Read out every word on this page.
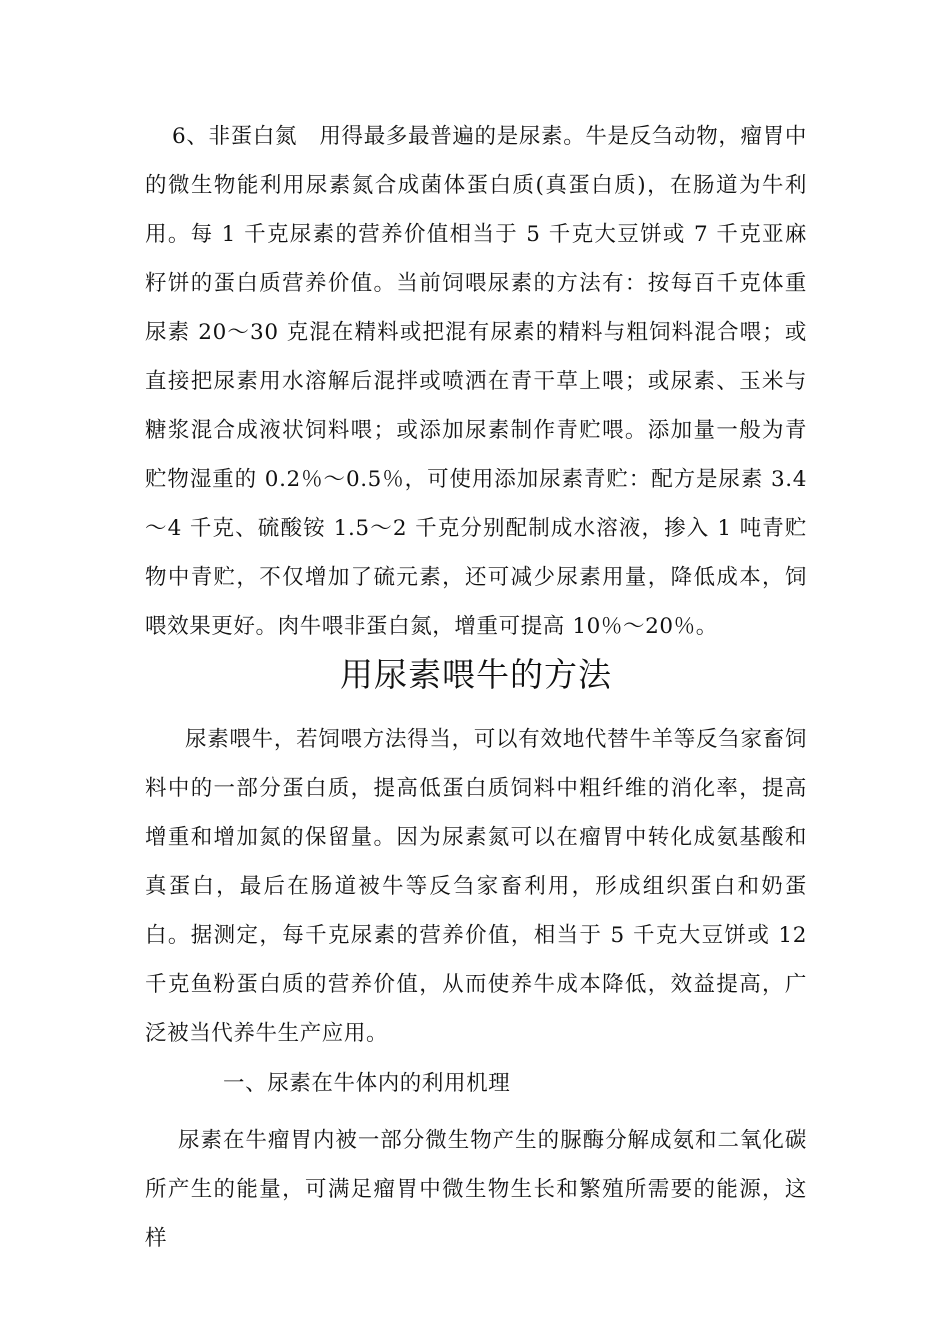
6、非蛋白氮　用得最多最普遍的是尿素。牛是反刍动物，瘤胃中的微生物能利用尿素氮合成菌体蛋白质(真蛋白质)，在肠道为牛利用。每 1 千克尿素的营养价值相当于 5 千克大豆饼或 7 千克亚麻籽饼的蛋白质营养价值。当前饲喂尿素的方法有：按每百千克体重尿素 20～30 克混在精料或把混有尿素的精料与粗饲料混合喂；或直接把尿素用水溶解后混拌或喷洒在青干草上喂；或尿素、玉米与糖浆混合成液状饲料喂；或添加尿素制作青贮喂。添加量一般为青贮物湿重的 0.2％～0.5％，可使用添加尿素青贮：配方是尿素 3.4～4 千克、硫酸铵 1.5～2 千克分别配制成水溶液，掺入 1 吨青贮物中青贮，不仅增加了硫元素，还可减少尿素用量，降低成本，饲喂效果更好。肉牛喂非蛋白氮，增重可提高 10％～20％。

用尿素喂牛的方法

尿素喂牛，若饲喂方法得当，可以有效地代替牛羊等反刍家畜饲料中的一部分蛋白质，提高低蛋白质饲料中粗纤维的消化率，提高增重和增加氮的保留量。因为尿素氮可以在瘤胃中转化成氨基酸和真蛋白，最后在肠道被牛等反刍家畜利用，形成组织蛋白和奶蛋白。据测定，每千克尿素的营养价值，相当于 5 千克大豆饼或 12 千克鱼粉蛋白质的营养价值，从而使养牛成本降低，效益提高，广泛被当代养牛生产应用。

一、尿素在牛体内的利用机理

尿素在牛瘤胃内被一部分微生物产生的脲酶分解成氨和二氧化碳所产生的能量，可满足瘤胃中微生物生长和繁殖所需要的能源，这样
